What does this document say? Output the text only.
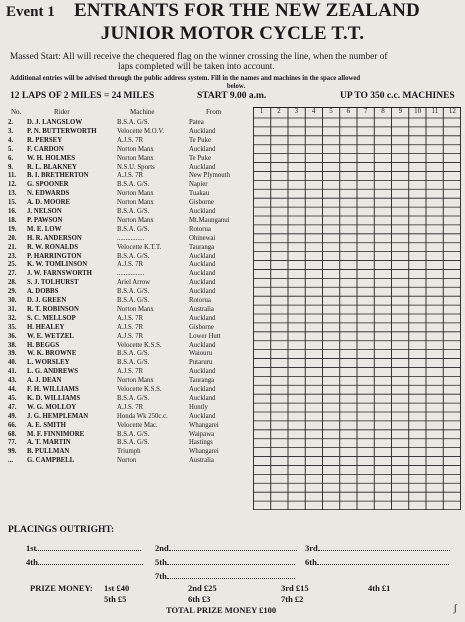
Event 1 ENTRANTS FOR THE NEW ZEALAND
JUNIOR MOTOR CYCLE T.T.

Massed Start: All will receive the chequered flag on the winner crossing the line, when the number of

laps completed will be taken into account.

Additional entries will be advised through the public address system. Fill in the names and machines in the space allowed
below.
12 LAPS OF 2 MILES = 24 MILES	START 9.00 a.m.	UP TO 350 c.c. MACHINES
No.	Rider	Machine	From	1	2	3	4	5	6	7	8	9	10	11	12
2. D. J. LANGSLOW	B.S.A. G/S.	Patea
3. P. N. BUTTERWORTH	Velocette M.O.V.	Auckland
4. R. PERSEY	A.J.S. 7R	Te Puke
5. F. CARDON	Norton Manx	Auckland
6. W. H. HOLMES	Norton Manx	Te Puke
9. R. L. BLAKNEY	N.S.U. Sports	Auckland
11. B. I. BRETHERTON	A.J.S. 7R	New Plymouth
12. G. SPOONER	B.S.A. G/S.	Napier
13. N. EDWARDS	Norton Manx	Tuakau
15. A. D. MOORE	Norton Manx	Gisborne
16. J. NELSON	B.S.A. G/S.	Auckland
18. P. PAWSON	Norton Manx	Mt.Maunganui
19. M. E. LOW	B.S.A. G/S.	Rotorua
20. H. R. ANDERSON	................	Ohinewai
21. R. W. RONALDS	Velocette K.T.T.	Tauranga
23. P. HARRINGTON	B.S.A. G/S.	Auckland
25. K. W. TOMLINSON	A.J.S. 7R	Auckland
27. J. W. FARNSWORTH	................	Auckland
28. S. J. TOLHURST	Ariel Arrow	Auckland
29. A. DOBBS	B.S.A. G/S.	Auckland
30. D. J. GREEN	B.S.A. G/S.	Rotorua
31. R. T. ROBINSON	Norton Manx	Australia
32. S. C. MELLSOP	A.J.S. 7R	Auckland
35. H. HEALEY	A.J.S. 7R	Gisborne
36. W. E. WETZEL	A.J.S. 7R	Lower Hutt
38. H. BEGGS	Velocette K.S.S.	Auckland
39. W. K. BROWNE	B.S.A. G/S.	Waiouru
40. L. WORSLEY	B.S.A. G/S.	Putaruru
41. L. G. ANDREWS	A.J.S. 7R	Auckland
43. A. J. DEAN	Norton Manx	Tauranga
44. F. H. WILLIAMS	Velocette K.S.S.	Auckland
45. K. D. WILLIAMS	B.S.A. G/S.	Auckland
47. W. G. MOLLOY	A.J.S. 7R	Huntly
49. J. G. HEMPLEMAN	Honda Wk 250c.c.	Auckland
66. A. E. SMITH	Velocette Mac.	Whangarei
68. M. F. FINNIMORE	B.S.A. G/S.	Waipawa
77. A. T. MARTIN	B.S.A. G/S.	Hastings
99. B. PULLMAN	Triumph	Whangarei
... G. CAMPBELL	Norton	Australia
PLACINGS OUTRIGHT:
1st	2nd	3rd
4th	5th	6th
7th
PRIZE MONEY: 1st £40	2nd £25	3rd £15	4th £1
5th £5	6th £3	7th £2
TOTAL PRIZE MONEY £100	ʃ
